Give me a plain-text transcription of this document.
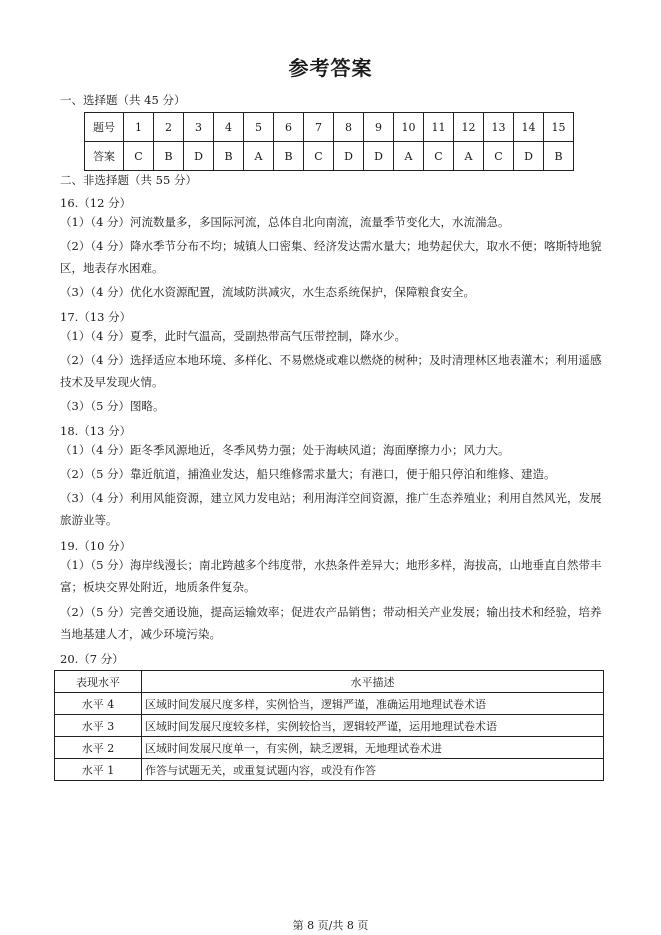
参考答案
一、选择题（共 45 分）
题号	1	2	3	4	5	6	7	8	9	10	11	12	13	14	15
答案	C	B	D	B	A	B	C	D	D	A	C	A	C	D	B
二、非选择题（共 55 分）
16.（12 分）
（1）（4 分）河流数量多，多国际河流，总体自北向南流，流量季节变化大，水流湍急。
（2）（4 分）降水季节分布不均；城镇人口密集、经济发达需水量大；地势起伏大，取水不便；喀斯特地貌区，地表存水困难。
（3）（4 分）优化水资源配置，流域防洪减灾，水生态系统保护，保障粮食安全。
17.（13 分）
（1）（4 分）夏季，此时气温高，受副热带高气压带控制，降水少。
（2）（4 分）选择适应本地环境、多样化、不易燃烧或难以燃烧的树种；及时清理林区地表灌木；利用遥感技术及早发现火情。
（3）（5 分）图略。
18.（13 分）
（1）（4 分）距冬季风源地近，冬季风势力强；处于海峡风道；海面摩擦力小；风力大。
（2）（5 分）靠近航道，捕渔业发达，船只维修需求量大；有港口，便于船只停泊和维修、建造。
（3）（4 分）利用风能资源，建立风力发电站；利用海洋空间资源，推广生态养殖业；利用自然风光，发展旅游业等。
19.（10 分）
（1）（5 分）海岸线漫长；南北跨越多个纬度带，水热条件差异大；地形多样，海拔高，山地垂直自然带丰富；板块交界处附近，地质条件复杂。
（2）（5 分）完善交通设施，提高运输效率；促进农产品销售；带动相关产业发展；输出技术和经验，培养当地基建人才，减少环境污染。
20.（7 分）
表现水平	水平描述
水平 4	区域时间发展尺度多样，实例恰当，逻辑严谨，准确运用地理试卷术语
水平 3	区域时间发展尺度较多样，实例较恰当，逻辑较严谨，运用地理试卷术语
水平 2	区域时间发展尺度单一，有实例，缺乏逻辑，无地理试卷术进
水平 1	作答与试题无关，或重复试题内容，或没有作答
第 8 页/共 8 页
